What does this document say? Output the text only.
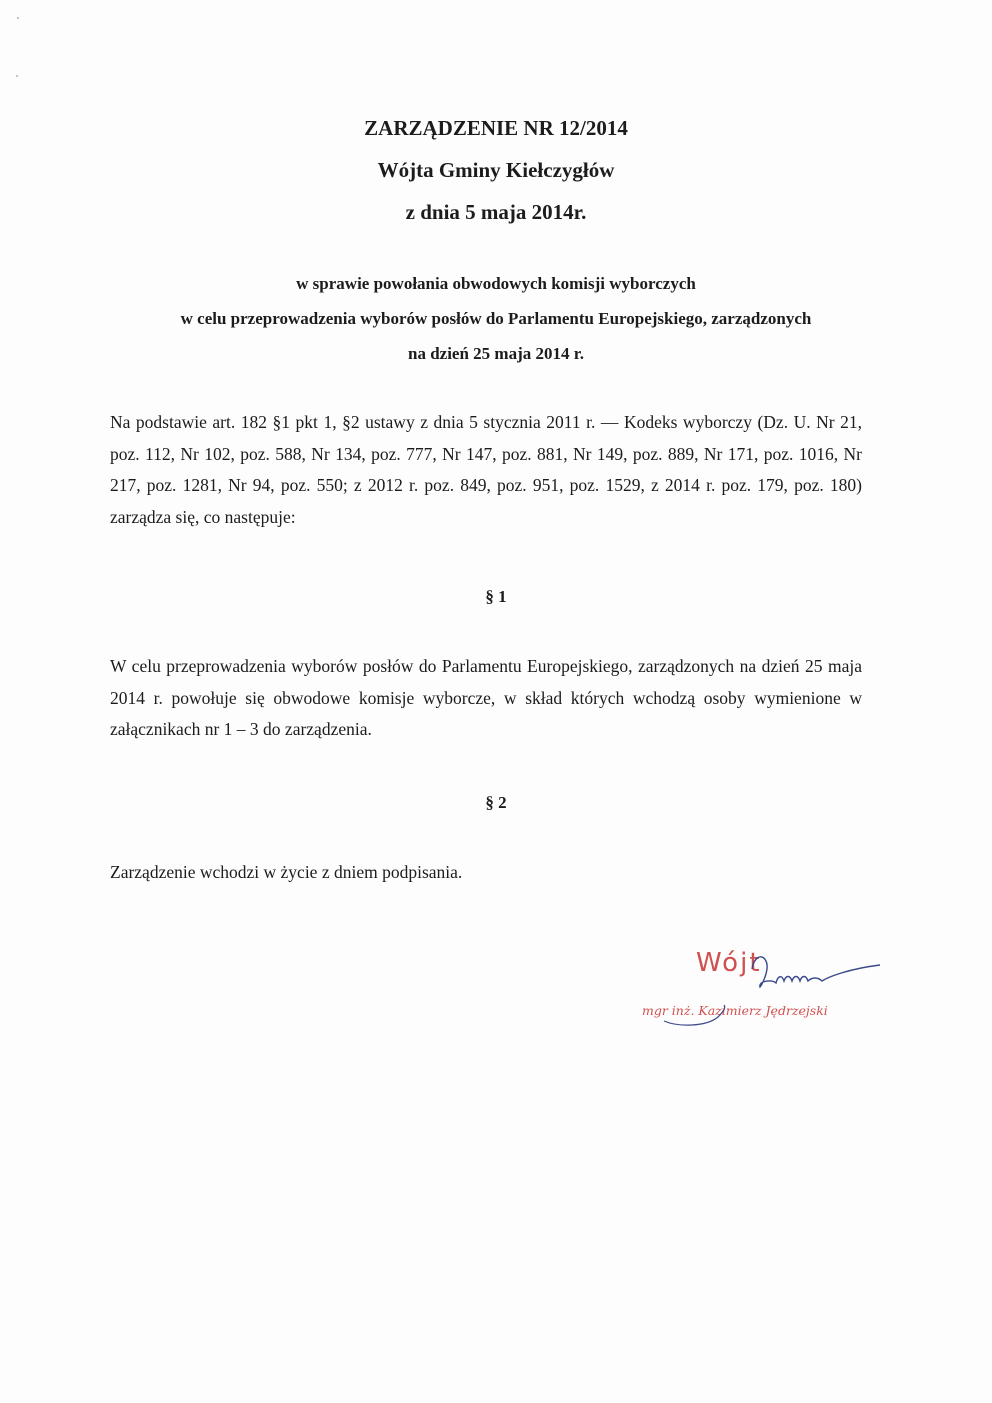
ZARZĄDZENIE NR 12/2014
Wójta Gminy Kiełczygłów
z dnia 5 maja 2014r.
w sprawie powołania obwodowych komisji wyborczych
w celu przeprowadzenia wyborów posłów do Parlamentu Europejskiego, zarządzonych
na dzień 25 maja 2014 r.
Na podstawie art. 182 §1 pkt 1, §2 ustawy z dnia 5 stycznia 2011 r. — Kodeks wyborczy (Dz. U. Nr 21, poz. 112, Nr 102, poz. 588, Nr 134, poz. 777, Nr 147, poz. 881, Nr 149, poz. 889, Nr 171, poz. 1016, Nr 217, poz. 1281, Nr 94, poz. 550; z 2012 r. poz. 849, poz. 951, poz. 1529, z 2014 r. poz. 179, poz. 180) zarządza się, co następuje:
§ 1
W celu przeprowadzenia wyborów posłów do Parlamentu Europejskiego, zarządzonych na dzień 25 maja 2014 r. powołuje się obwodowe komisje wyborcze, w skład których wchodzą osoby wymienione w załącznikach nr 1 – 3 do zarządzenia.
§ 2
Zarządzenie wchodzi w życie z dniem podpisania.
Wójt
mgr inż. Kazimierz Jędrzejski
